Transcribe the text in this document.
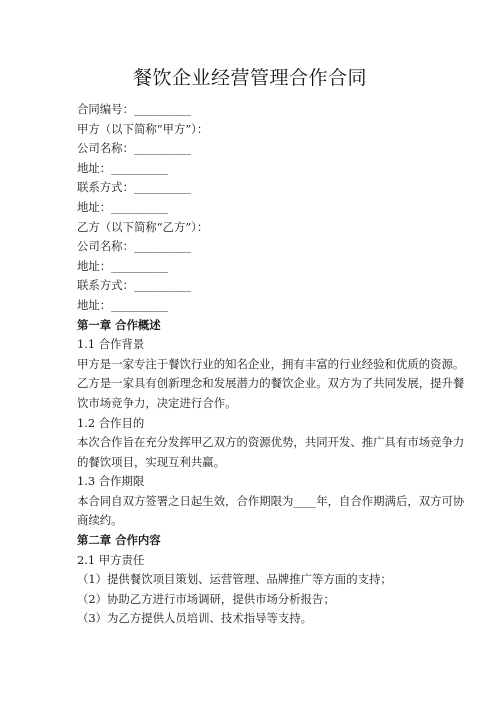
餐饮企业经营管理合作合同

合同编号：__________

甲方（以下简称“甲方”）：

公司名称：__________

地址：__________

联系方式：__________

地址：__________

乙方（以下简称“乙方”）：

公司名称：__________

地址：__________

联系方式：__________

地址：__________

第一章 合作概述

1.1 合作背景

甲方是一家专注于餐饮行业的知名企业，拥有丰富的行业经验和优质的资源。

乙方是一家具有创新理念和发展潜力的餐饮企业。双方为了共同发展，提升餐

饮市场竞争力，决定进行合作。

1.2 合作目的

本次合作旨在充分发挥甲乙双方的资源优势，共同开发、推广具有市场竞争力

的餐饮项目，实现互利共赢。

1.3 合作期限

本合同自双方签署之日起生效，合作期限为____年，自合作期满后，双方可协

商续约。

第二章 合作内容

2.1 甲方责任

（1）提供餐饮项目策划、运营管理、品牌推广等方面的支持；

（2）协助乙方进行市场调研，提供市场分析报告；

（3）为乙方提供人员培训、技术指导等支持。
